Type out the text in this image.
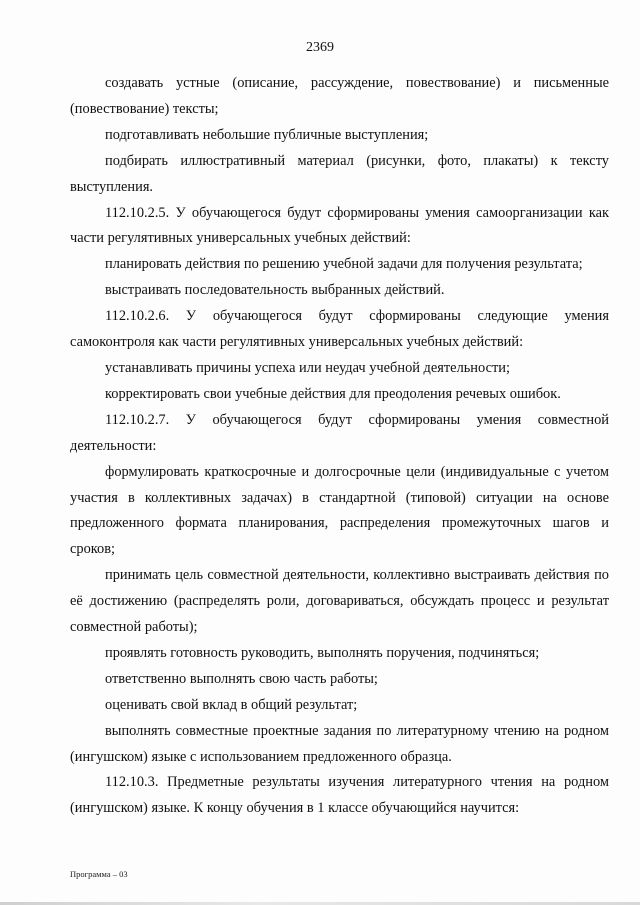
2369

создавать устные (описание, рассуждение, повествование) и письменные (повествование) тексты;

подготавливать небольшие публичные выступления;

подбирать иллюстративный материал (рисунки, фото, плакаты) к тексту выступления.

112.10.2.5. У обучающегося будут сформированы умения самоорганизации как части регулятивных универсальных учебных действий:

планировать действия по решению учебной задачи для получения результата;

выстраивать последовательность выбранных действий.

112.10.2.6. У обучающегося будут сформированы следующие умения самоконтроля как части регулятивных универсальных учебных действий:

устанавливать причины успеха или неудач учебной деятельности;

корректировать свои учебные действия для преодоления речевых ошибок.

112.10.2.7. У обучающегося будут сформированы умения совместной деятельности:

формулировать краткосрочные и долгосрочные цели (индивидуальные с учетом участия в коллективных задачах) в стандартной (типовой) ситуации на основе предложенного формата планирования, распределения промежуточных шагов и сроков;

принимать цель совместной деятельности, коллективно выстраивать действия по её достижению (распределять роли, договариваться, обсуждать процесс и результат совместной работы);

проявлять готовность руководить, выполнять поручения, подчиняться;

ответственно выполнять свою часть работы;

оценивать свой вклад в общий результат;

выполнять совместные проектные задания по литературному чтению на родном (ингушском) языке с использованием предложенного образца.

112.10.3. Предметные результаты изучения литературного чтения на родном (ингушском) языке. К концу обучения в 1 классе обучающийся научится:

Программа – 03
